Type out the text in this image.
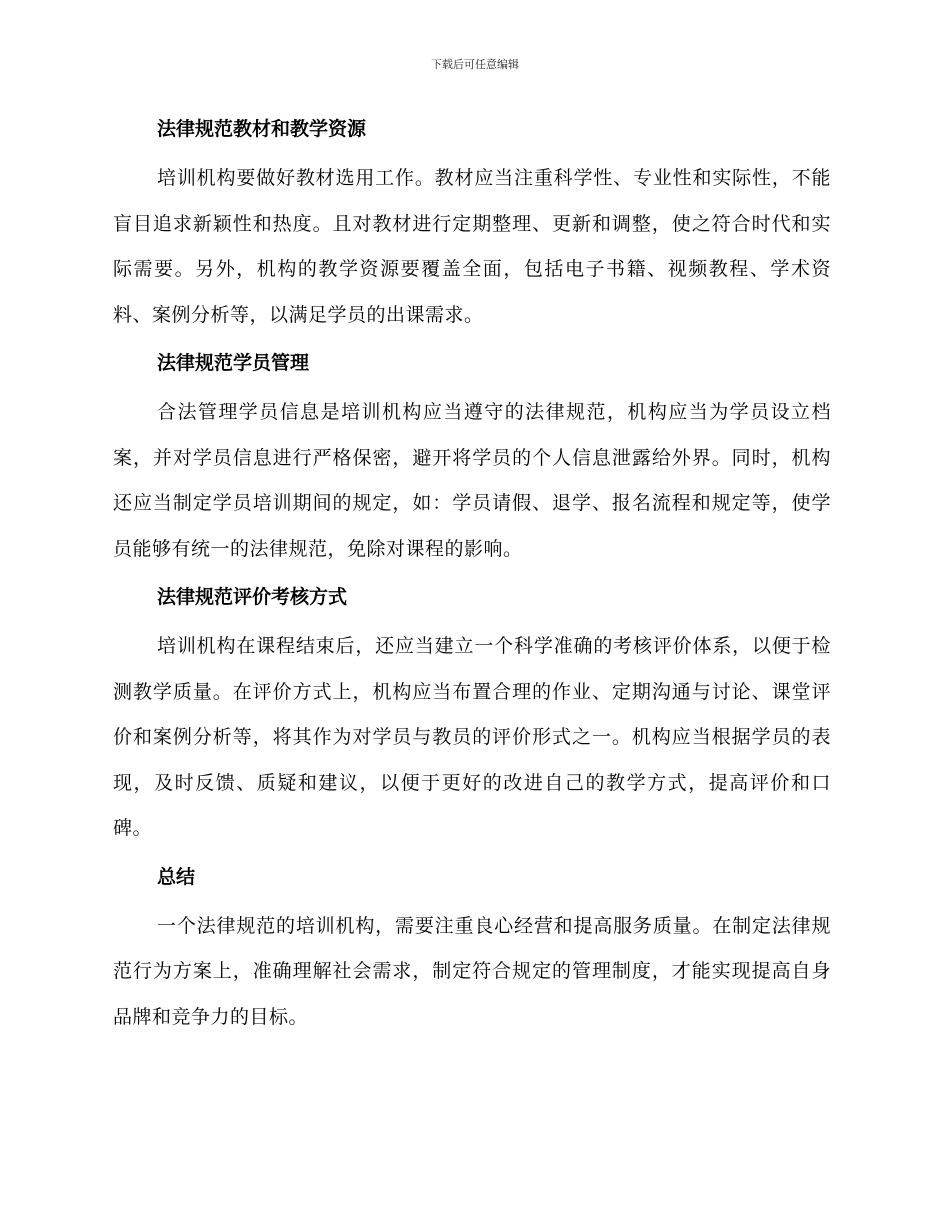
下载后可任意编辑
法律规范教材和教学资源

培训机构要做好教材选用工作。教材应当注重科学性、专业性和实际性，不能盲目追求新颖性和热度。且对教材进行定期整理、更新和调整，使之符合时代和实际需要。另外，机构的教学资源要覆盖全面，包括电子书籍、视频教程、学术资料、案例分析等，以满足学员的出课需求。

法律规范学员管理

合法管理学员信息是培训机构应当遵守的法律规范，机构应当为学员设立档案，并对学员信息进行严格保密，避开将学员的个人信息泄露给外界。同时，机构还应当制定学员培训期间的规定，如：学员请假、退学、报名流程和规定等，使学员能够有统一的法律规范，免除对课程的影响。

法律规范评价考核方式

培训机构在课程结束后，还应当建立一个科学准确的考核评价体系，以便于检测教学质量。在评价方式上，机构应当布置合理的作业、定期沟通与讨论、课堂评价和案例分析等，将其作为对学员与教员的评价形式之一。机构应当根据学员的表现，及时反馈、质疑和建议，以便于更好的改进自己的教学方式，提高评价和口碑。

总结

一个法律规范的培训机构，需要注重良心经营和提高服务质量。在制定法律规范行为方案上，准确理解社会需求，制定符合规定的管理制度，才能实现提高自身品牌和竞争力的目标。
